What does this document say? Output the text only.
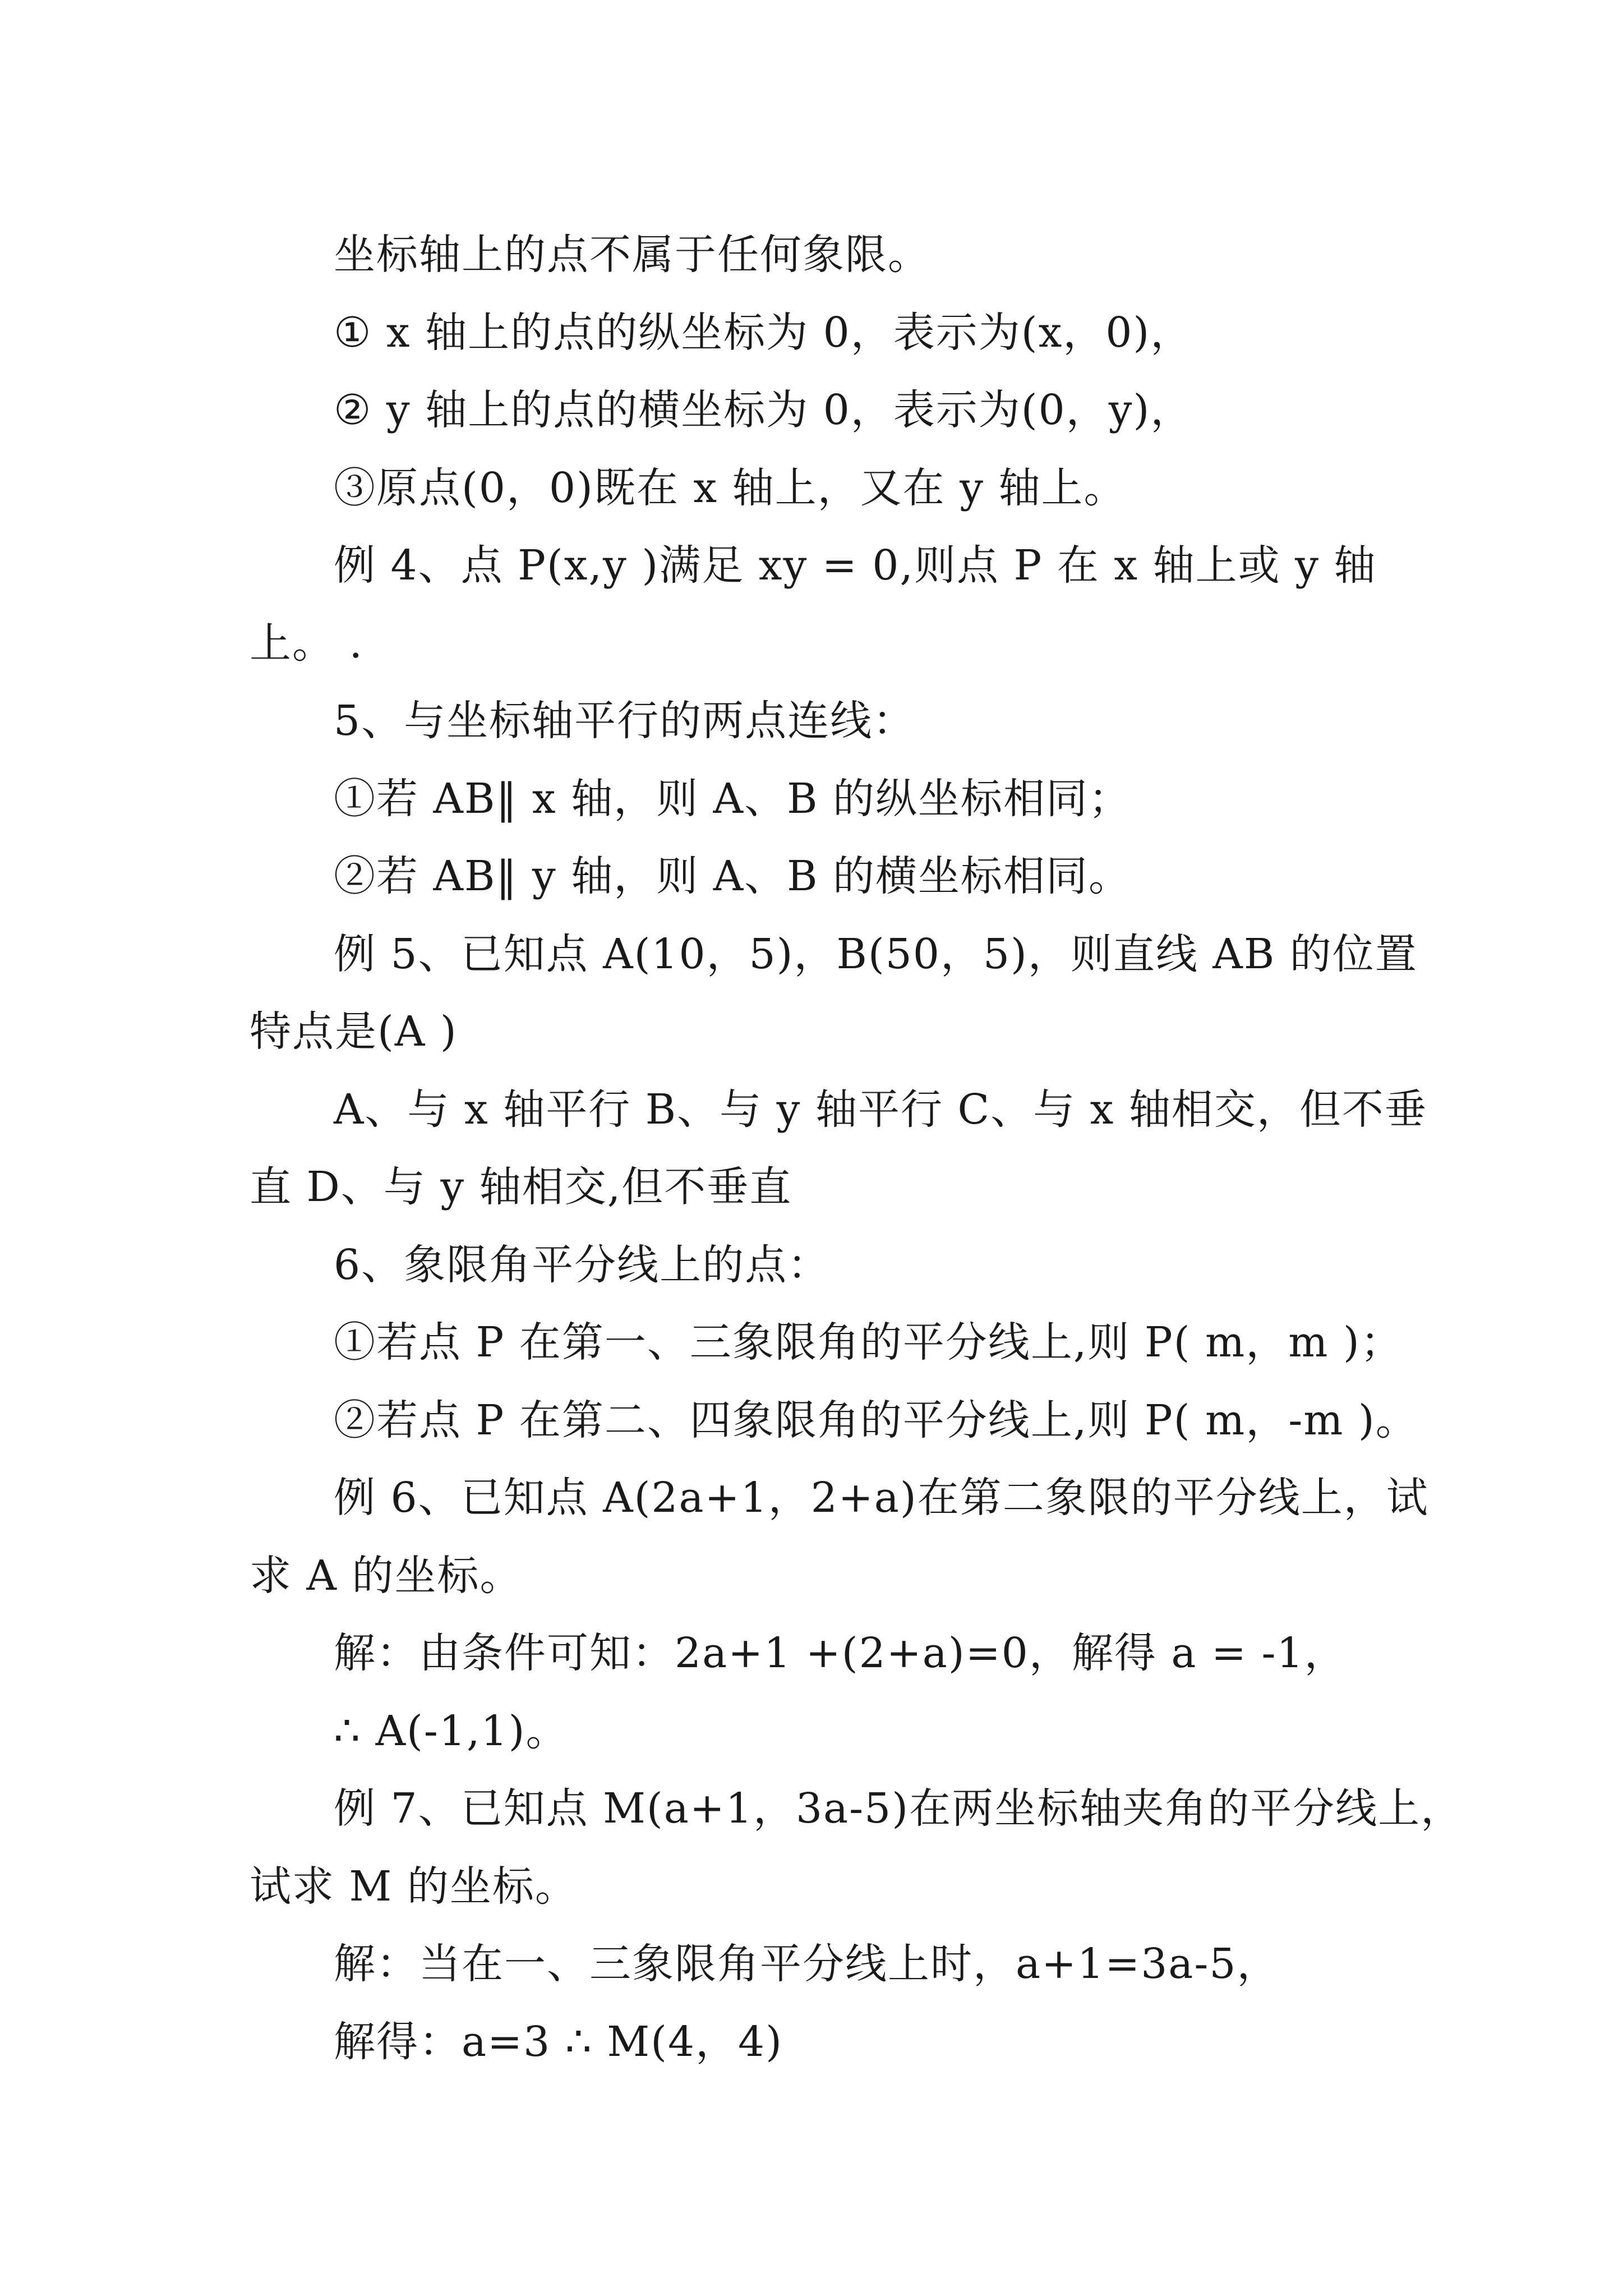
坐标轴上的点不属于任何象限。
① x 轴上的点的纵坐标为 0，表示为(x，0)，
② y 轴上的点的横坐标为 0，表示为(0，y)，
③原点(0，0)既在 x 轴上，又在 y 轴上。
例 4、点 P(x,y )满足 xy = 0,则点 P 在 x 轴上或 y 轴
上。 .
5、与坐标轴平行的两点连线：
①若 AB‖ x 轴，则 A、B 的纵坐标相同；
②若 AB‖ y 轴，则 A、B 的横坐标相同。
例 5、已知点 A(10，5)，B(50，5)，则直线 AB 的位置
特点是(A )
A、与 x 轴平行 B、与 y 轴平行 C、与 x 轴相交，但不垂
直 D、与 y 轴相交,但不垂直
6、象限角平分线上的点：
①若点 P 在第一、三象限角的平分线上,则 P( m，m )；
②若点 P 在第二、四象限角的平分线上,则 P( m，-m )。
例 6、已知点 A(2a+1，2+a)在第二象限的平分线上，试
求 A 的坐标。
解：由条件可知：2a+1 +(2+a)=0，解得 a = -1，
∴ A(-1,1)。
例 7、已知点 M(a+1，3a-5)在两坐标轴夹角的平分线上，
试求 M 的坐标。
解：当在一、三象限角平分线上时，a+1=3a-5，
解得：a=3 ∴ M(4，4)
